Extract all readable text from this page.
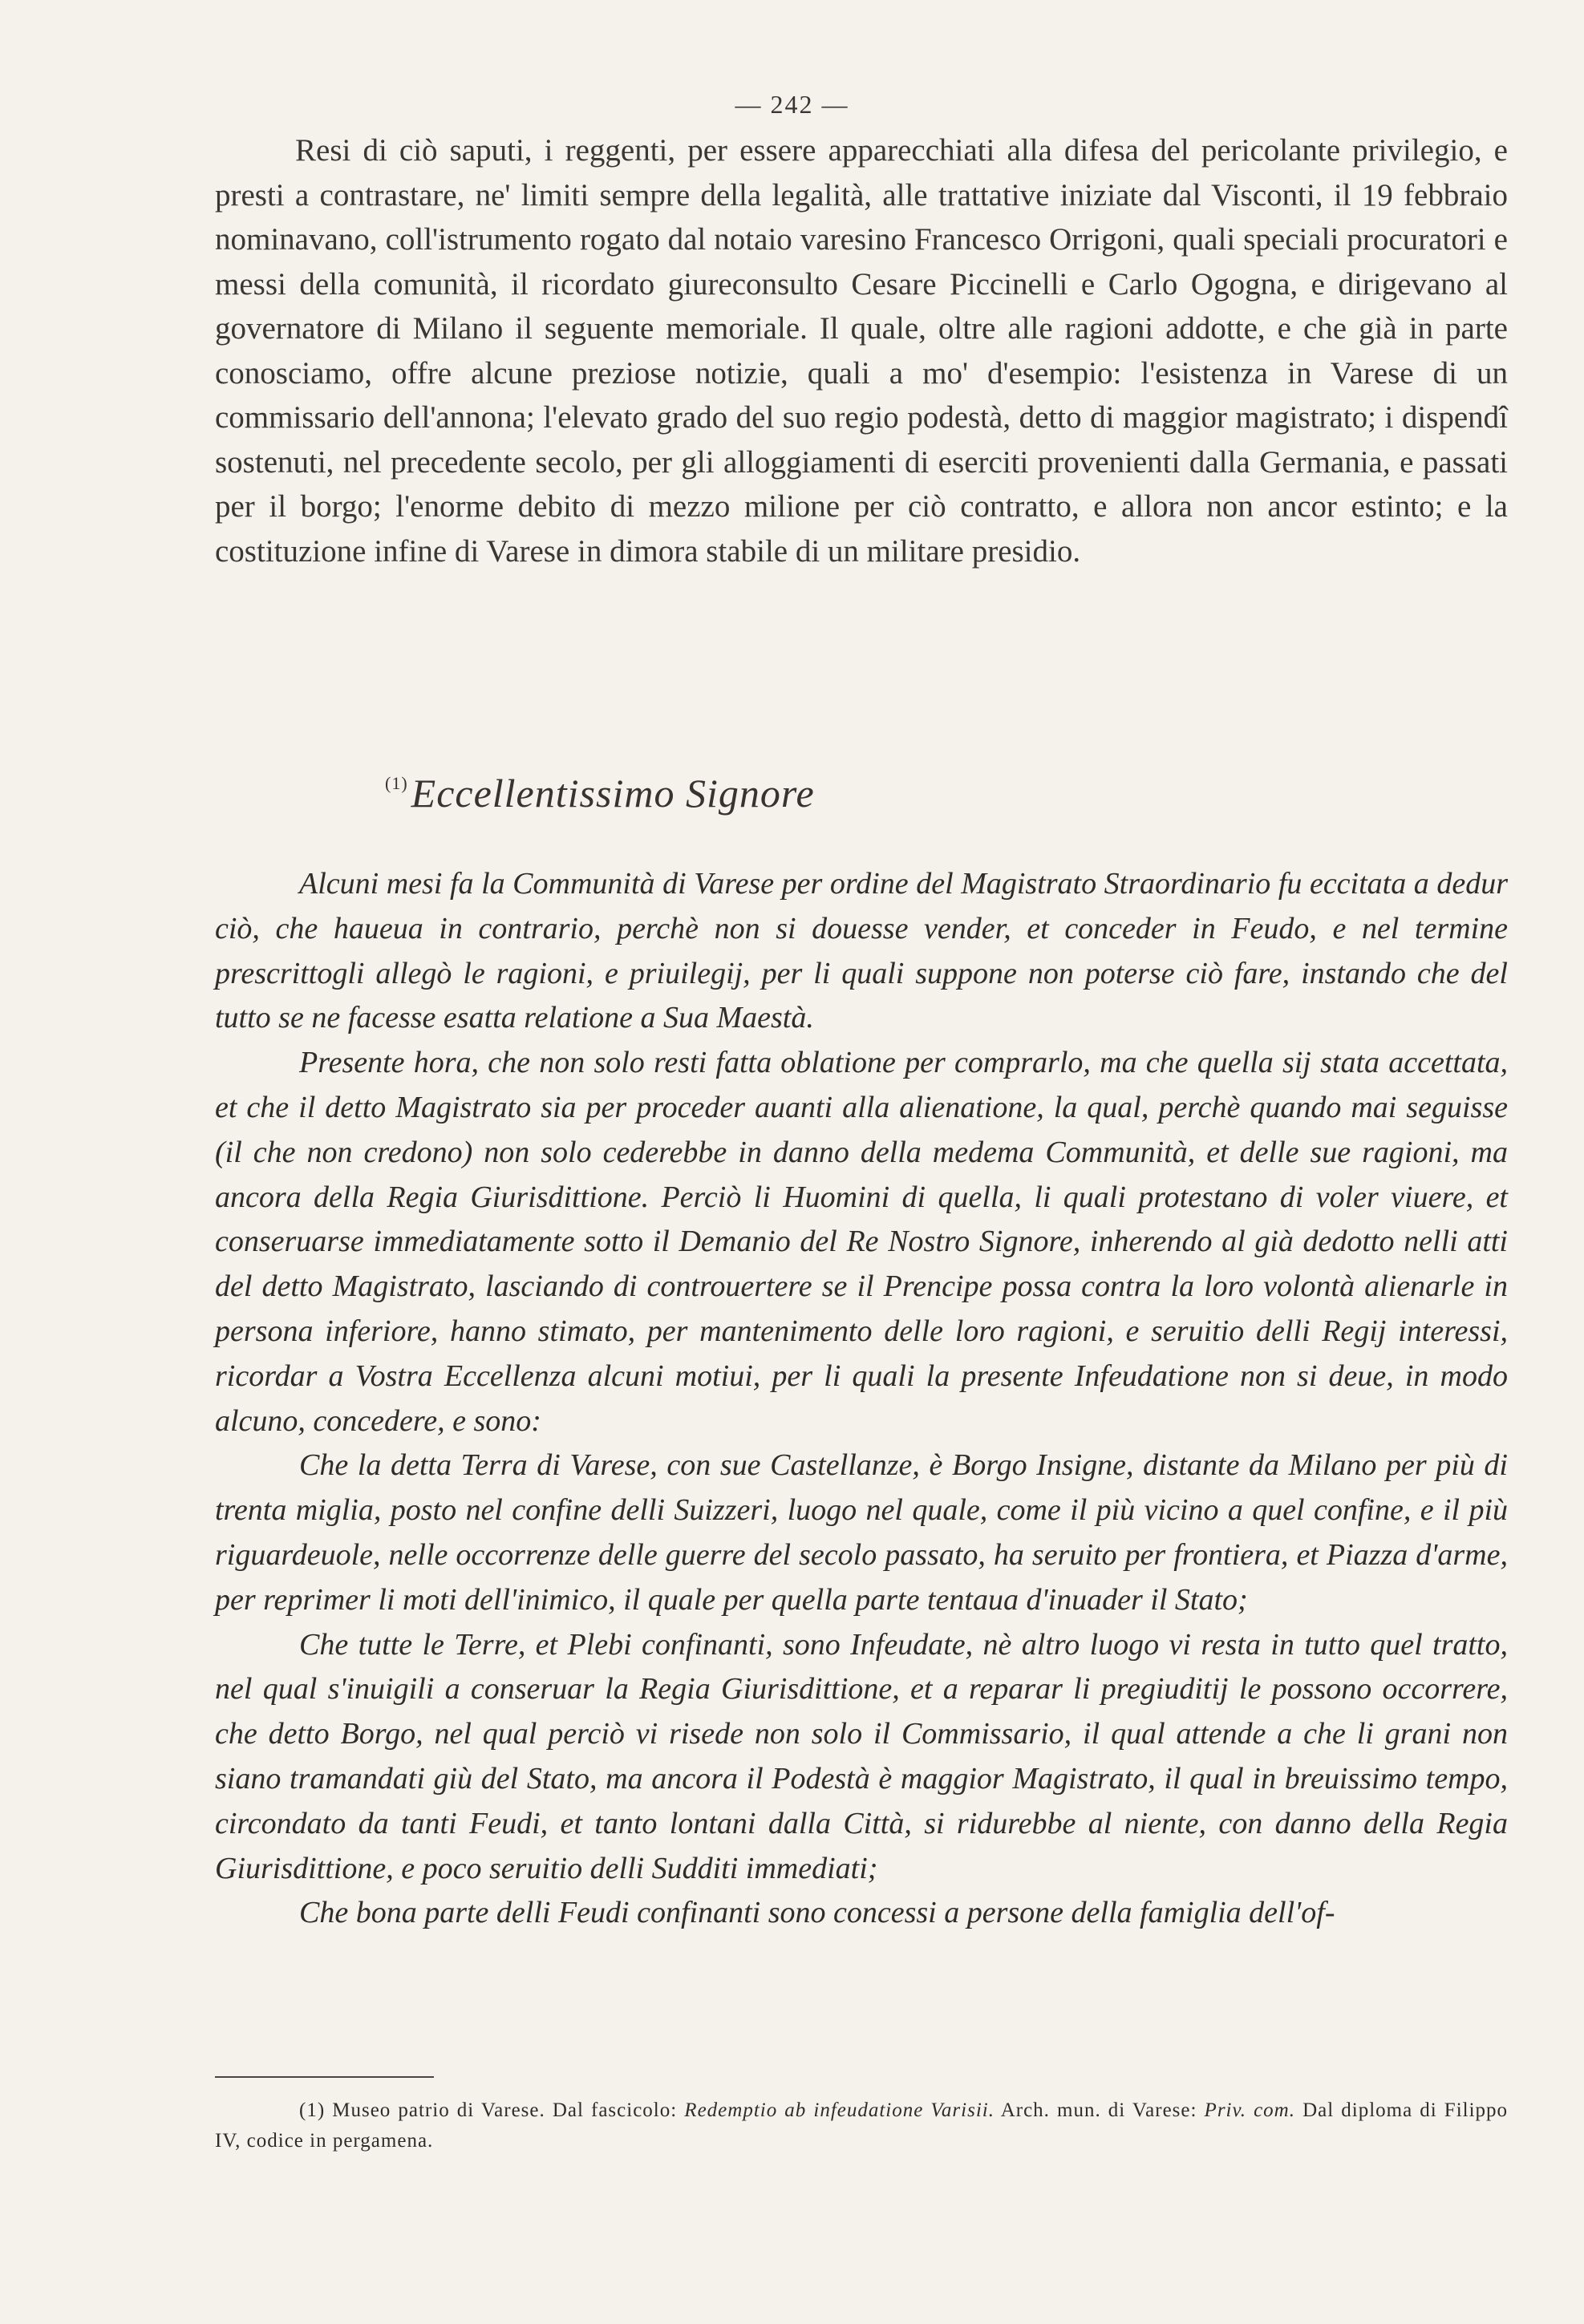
— 242 —

Resi di ciò saputi, i reggenti, per essere apparecchiati alla difesa del pericolante privilegio, e presti a contrastare, ne' limiti sempre della legalità, alle trattative iniziate dal Visconti, il 19 febbraio nominavano, coll'istrumento rogato dal notaio varesino Francesco Orrigoni, quali speciali procuratori e messi della comunità, il ricordato giureconsulto Cesare Piccinelli e Carlo Ogogna, e dirigevano al governatore di Milano il seguente memoriale. Il quale, oltre alle ragioni addotte, e che già in parte conosciamo, offre alcune preziose notizie, quali a mo' d'esempio: l'esistenza in Varese di un commissario dell'annona; l'elevato grado del suo regio podestà, detto di maggior magistrato; i dispendî sostenuti, nel precedente secolo, per gli alloggiamenti di eserciti provenienti dalla Germania, e passati per il borgo; l'enorme debito di mezzo milione per ciò contratto, e allora non ancor estinto; e la costituzione infine di Varese in dimora stabile di un militare presidio.

$^{(1)}$Eccellentissimo Signore

Alcuni mesi fa la Communità di Varese per ordine del Magistrato Straordinario fu eccitata a dedur ciò, che haueua in contrario, perchè non si douesse vender, et conceder in Feudo, e nel termine prescrittogli allegò le ragioni, e priuilegij, per li quali suppone non poterse ciò fare, instando che del tutto se ne facesse esatta relatione a Sua Maestà.

Presente hora, che non solo resti fatta oblatione per comprarlo, ma che quella sij stata accettata, et che il detto Magistrato sia per proceder auanti alla alienatione, la qual, perchè quando mai seguisse (il che non credono) non solo cederebbe in danno della medema Communità, et delle sue ragioni, ma ancora della Regia Giurisdittione. Perciò li Huomini di quella, li quali protestano di voler viuere, et conseruarse immediatamente sotto il Demanio del Re Nostro Signore, inherendo al già dedotto nelli atti del detto Magistrato, lasciando di controuertere se il Prencipe possa contra la loro volontà alienarle in persona inferiore, hanno stimato, per mantenimento delle loro ragioni, e seruitio delli Regij interessi, ricordar a Vostra Eccellenza alcuni motiui, per li quali la presente Infeudatione non si deue, in modo alcuno, concedere, e sono:

Che la detta Terra di Varese, con sue Castellanze, è Borgo Insigne, distante da Milano per più di trenta miglia, posto nel confine delli Suizzeri, luogo nel quale, come il più vicino a quel confine, e il più riguardeuole, nelle occorrenze delle guerre del secolo passato, ha seruito per frontiera, et Piazza d'arme, per reprimer li moti dell'inimico, il quale per quella parte tentaua d'inuader il Stato;

Che tutte le Terre, et Plebi confinanti, sono Infeudate, nè altro luogo vi resta in tutto quel tratto, nel qual s'inuigili a conseruar la Regia Giurisdittione, et a reparar li pregiuditij le possono occorrere, che detto Borgo, nel qual perciò vi risede non solo il Commissario, il qual attende a che li grani non siano tramandati giù del Stato, ma ancora il Podestà è maggior Magistrato, il qual in breuissimo tempo, circondato da tanti Feudi, et tanto lontani dalla Città, si ridurebbe al niente, con danno della Regia Giurisdittione, e poco seruitio delli Sudditi immediati;

Che bona parte delli Feudi confinanti sono concessi a persone della famiglia dell'of-

(1) Museo patrio di Varese. Dal fascicolo: Redemptio ab infeudatione Varisii. Arch. mun. di Varese: Priv. com. Dal diploma di Filippo IV, codice in pergamena.
